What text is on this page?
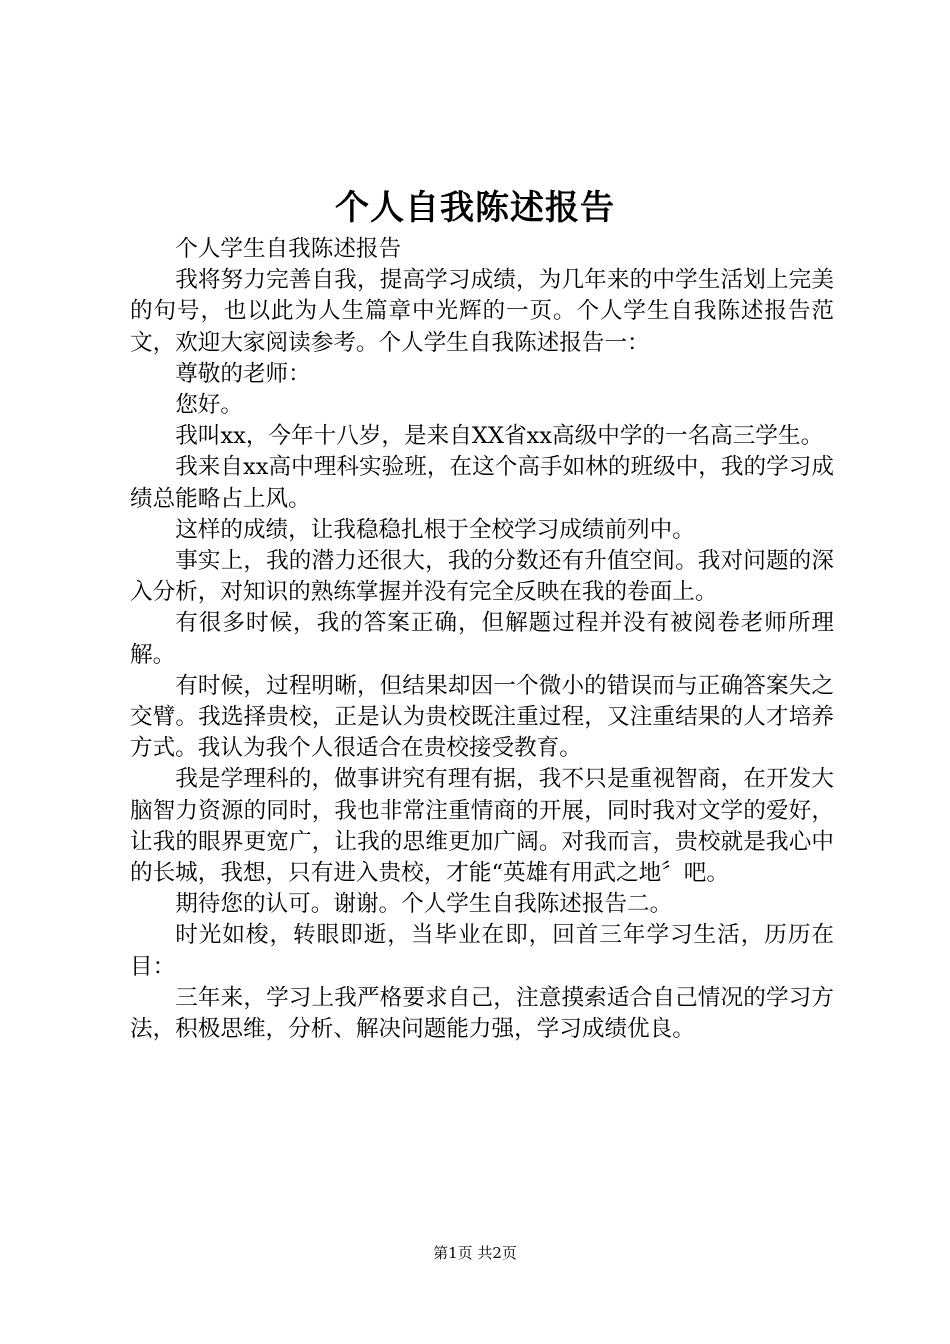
个人自我陈述报告

个人学生自我陈述报告

我将努力完善自我，提高学习成绩，为几年来的中学生活划上完美的句号，也以此为人生篇章中光辉的一页。个人学生自我陈述报告范文，欢迎大家阅读参考。个人学生自我陈述报告一：

尊敬的老师：

您好。

我叫xx，今年十八岁，是来自XX省xx高级中学的一名高三学生。

我来自xx高中理科实验班，在这个高手如林的班级中，我的学习成绩总能略占上风。

这样的成绩，让我稳稳扎根于全校学习成绩前列中。

事实上，我的潜力还很大，我的分数还有升值空间。我对问题的深入分析，对知识的熟练掌握并没有完全反映在我的卷面上。

有很多时候，我的答案正确，但解题过程并没有被阅卷老师所理解。

有时候，过程明晰，但结果却因一个微小的错误而与正确答案失之交臂。我选择贵校，正是认为贵校既注重过程，又注重结果的人才培养方式。我认为我个人很适合在贵校接受教育。

我是学理科的，做事讲究有理有据，我不只是重视智商，在开发大脑智力资源的同时，我也非常注重情商的开展，同时我对文学的爱好，让我的眼界更宽广，让我的思维更加广阔。对我而言，贵校就是我心中的长城，我想，只有进入贵校，才能“英雄有用武之地〞吧。

期待您的认可。谢谢。个人学生自我陈述报告二。

时光如梭，转眼即逝，当毕业在即，回首三年学习生活，历历在目：

三年来，学习上我严格要求自己，注意摸索适合自己情况的学习方法，积极思维，分析、解决问题能力强，学习成绩优良。

第1页 共2页
